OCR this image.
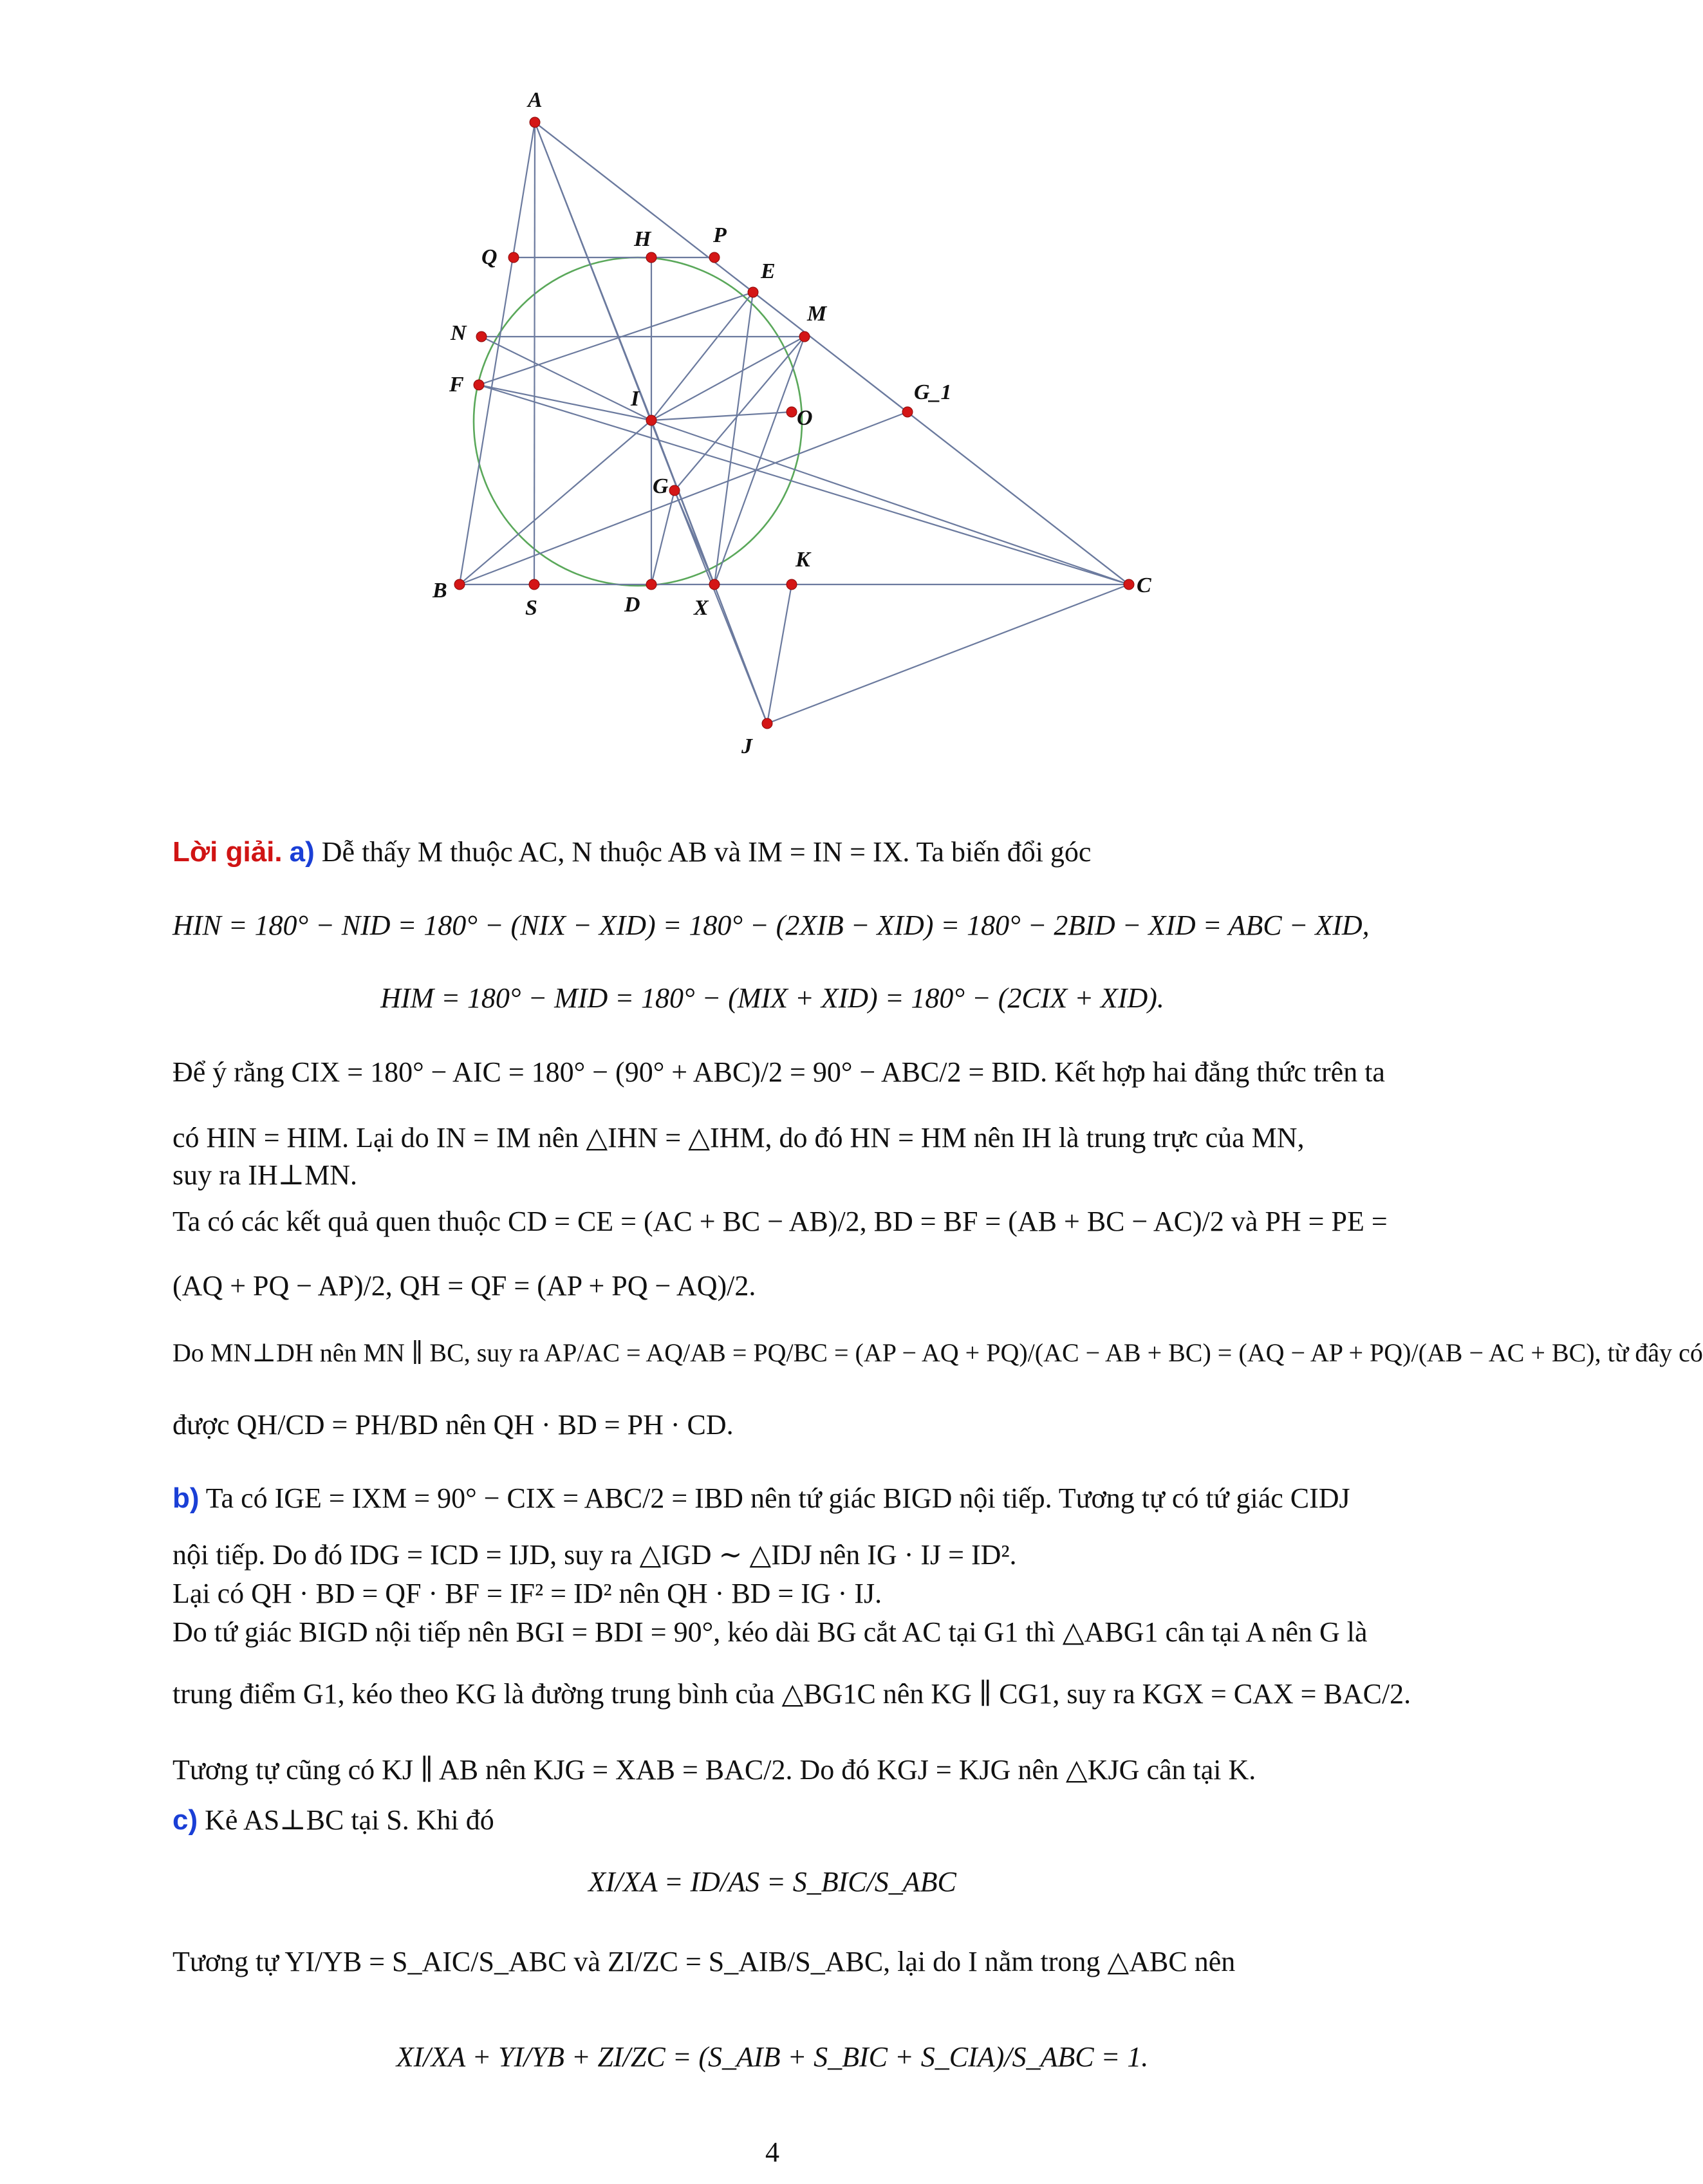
A
Q
H	P
E
M
N
F
I
O
G_1
G
B
S	D X
K
C
J
Lời giải. a) Dễ thấy M thuộc AC, N thuộc AB và IM = IN = IX. Ta biến đổi góc
HIN = 180° − NID = 180° − (NIX − XID) = 180° − (2XIB − XID) = 180° − 2BID − XID = ABC − XID,
HIM = 180° − MID = 180° − (MIX + XID) = 180° − (2CIX + XID).
Để ý rằng CIX = 180° − AIC = 180° − (90° + ABC)/2 = 90° − ABC/2 = BID. Kết hợp hai đẳng thức trên ta
có HIN = HIM. Lại do IN = IM nên △IHN = △IHM, do đó HN = HM nên IH là trung trực của MN,
suy ra IH⊥MN.
Ta có các kết quả quen thuộc CD = CE = (AC + BC − AB)/2, BD = BF = (AB + BC − AC)/2 và PH = PE =
(AQ + PQ − AP)/2, QH = QF = (AP + PQ − AQ)/2.
Do MN⊥DH nên MN ∥ BC, suy ra AP/AC = AQ/AB = PQ/BC = (AP − AQ + PQ)/(AC − AB + BC) = (AQ − AP + PQ)/(AB − AC + BC), từ đây có
được QH/CD = PH/BD nên QH · BD = PH · CD.
b) Ta có IGE = IXM = 90° − CIX = ABC/2 = IBD nên tứ giác BIGD nội tiếp. Tương tự có tứ giác CIDJ
nội tiếp. Do đó IDG = ICD = IJD, suy ra △IGD ∼ △IDJ nên IG · IJ = ID².
Lại có QH · BD = QF · BF = IF² = ID² nên QH · BD = IG · IJ.
Do tứ giác BIGD nội tiếp nên BGI = BDI = 90°, kéo dài BG cắt AC tại G1 thì △ABG1 cân tại A nên G là
trung điểm G1, kéo theo KG là đường trung bình của △BG1C nên KG ∥ CG1, suy ra KGX = CAX = BAC/2.
Tương tự cũng có KJ ∥ AB nên KJG = XAB = BAC/2. Do đó KGJ = KJG nên △KJG cân tại K.
c) Kẻ AS⊥BC tại S. Khi đó
XI/XA = ID/AS = S_BIC/S_ABC
Tương tự YI/YB = S_AIC/S_ABC và ZI/ZC = S_AIB/S_ABC, lại do I nằm trong △ABC nên
XI/XA + YI/YB + ZI/ZC = (S_AIB + S_BIC + S_CIA)/S_ABC = 1.
4
